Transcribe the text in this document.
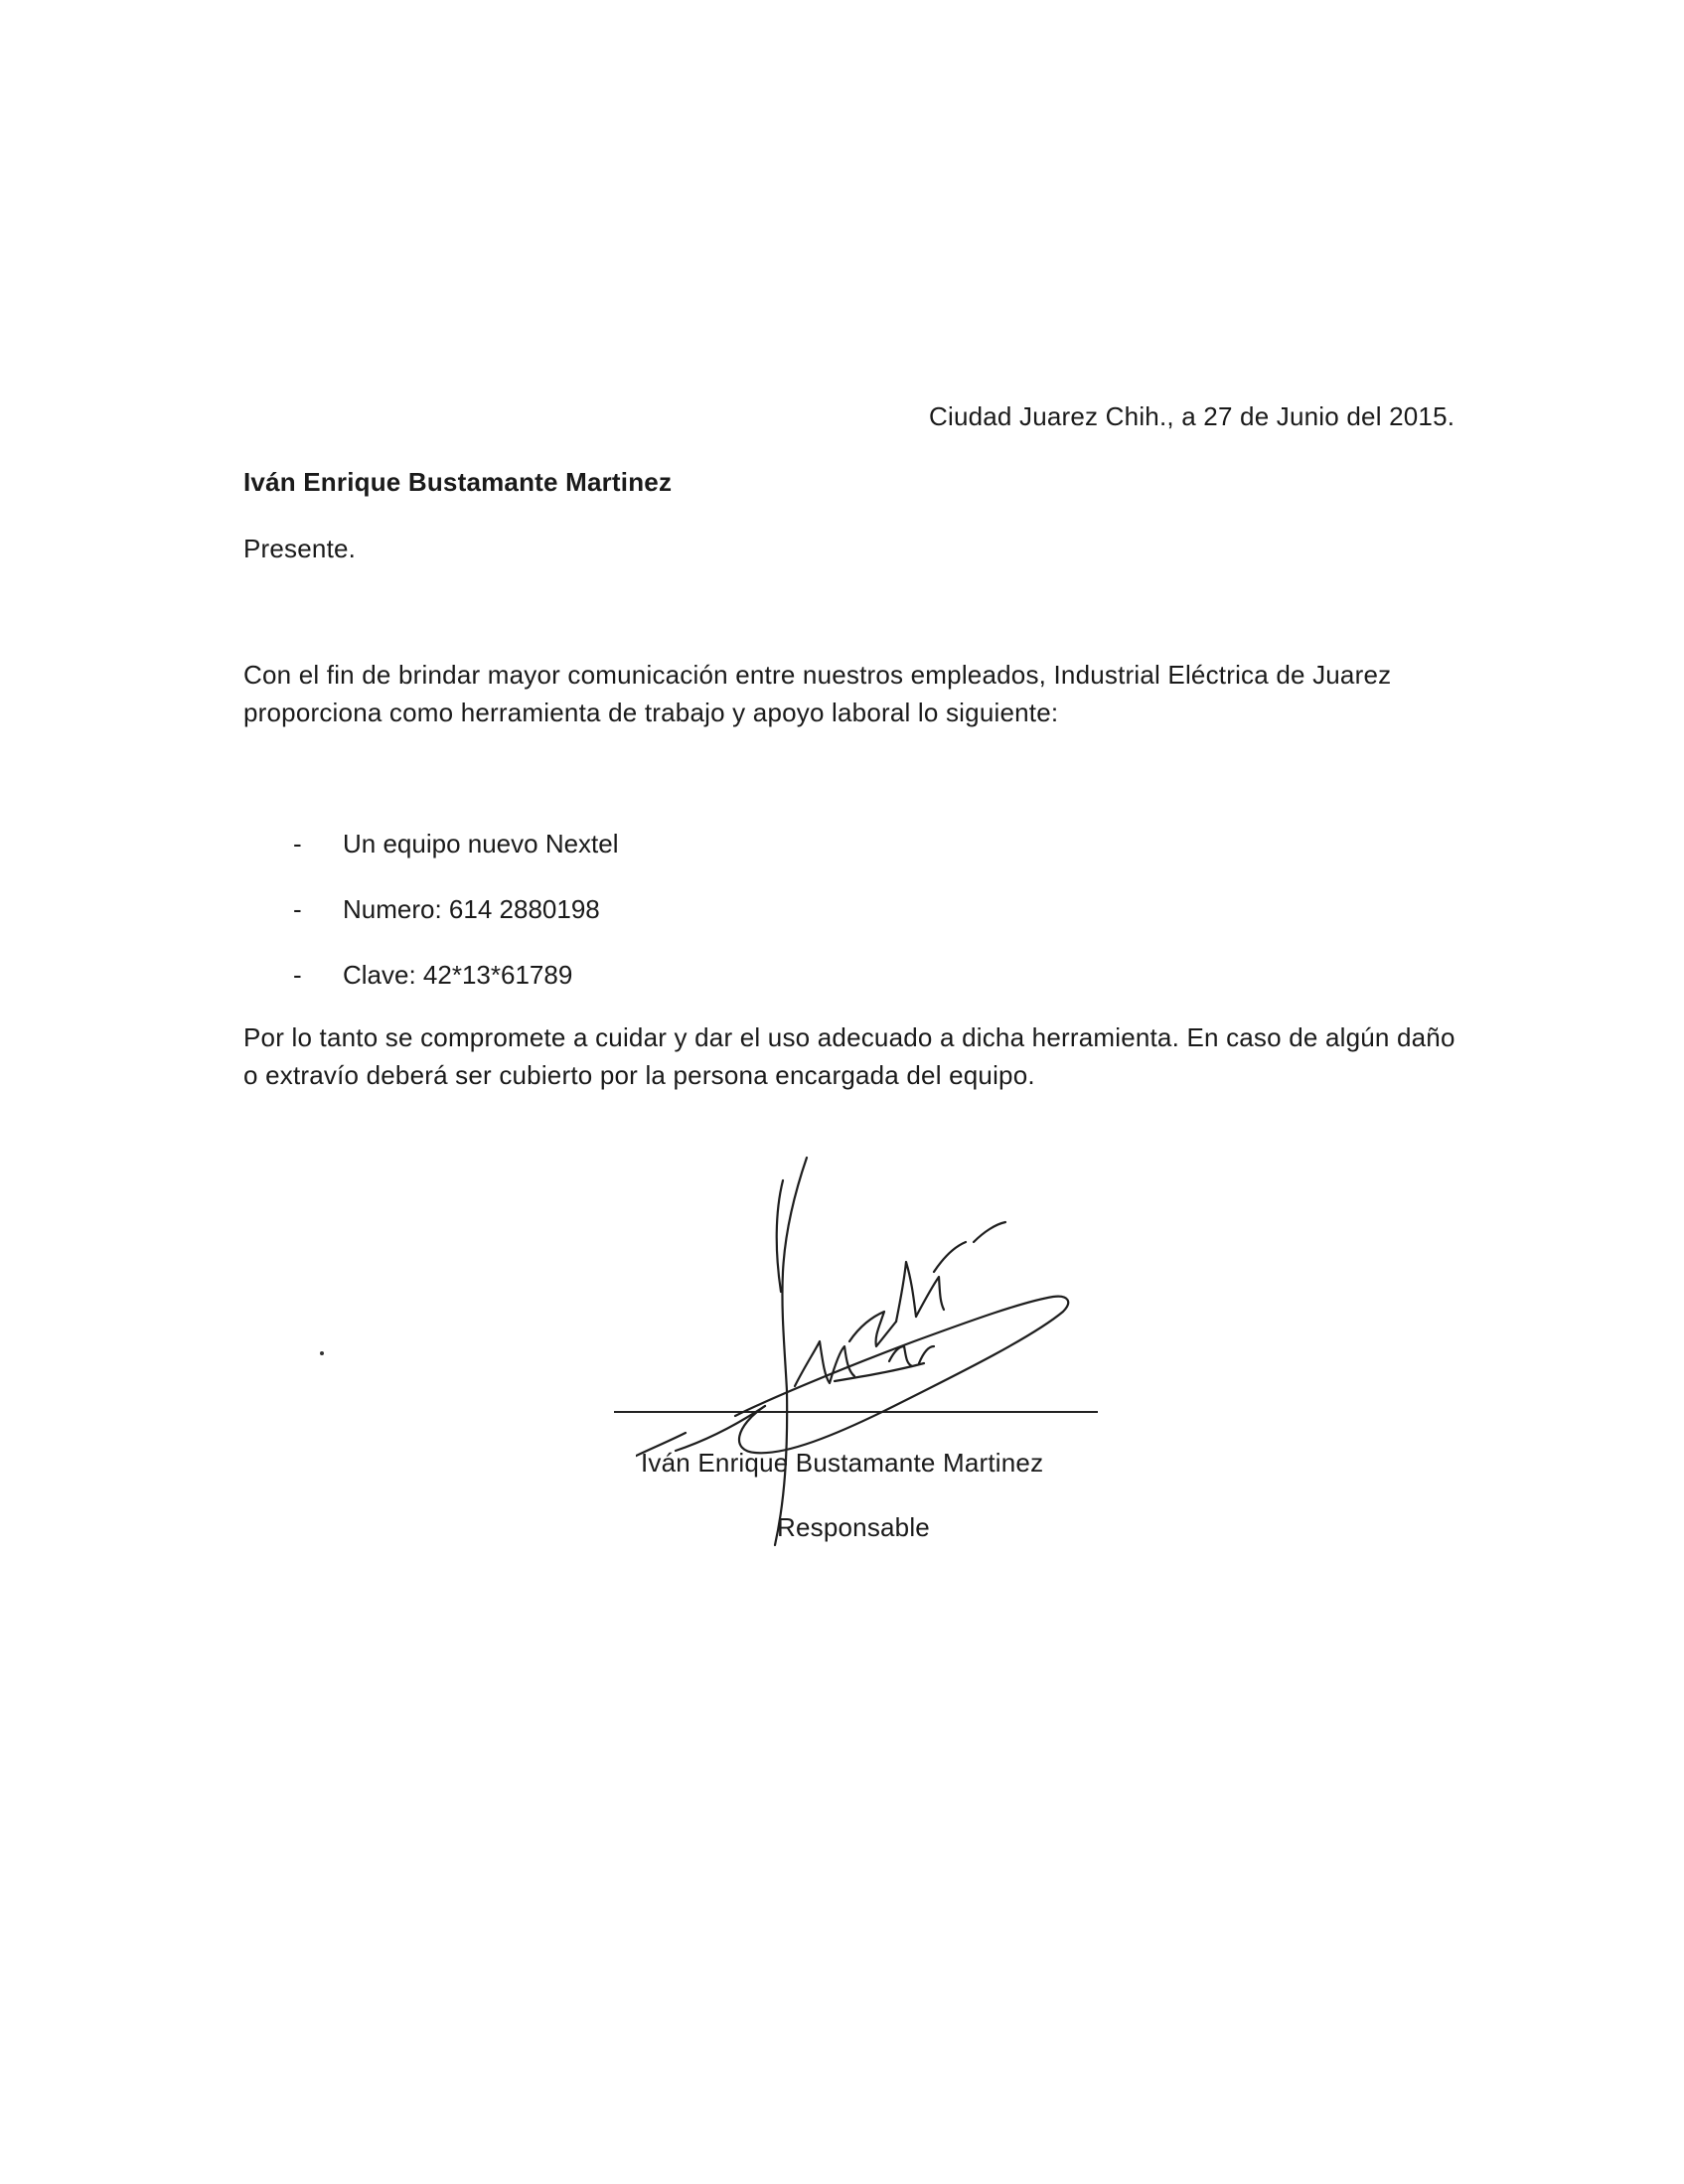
Ciudad Juarez Chih., a 27 de Junio del 2015.
Iván Enrique Bustamante Martinez
Presente.
Con el fin de brindar mayor comunicación entre nuestros empleados, Industrial Eléctrica de Juarez proporciona como herramienta de trabajo y apoyo laboral lo siguiente:
- Un equipo nuevo Nextel
- Numero: 614 2880198
- Clave: 42*13*61789
Por lo tanto se compromete a cuidar y dar el uso adecuado a dicha herramienta. En caso de algún daño o extravío deberá ser cubierto por la persona encargada del equipo.
Iván Enrique Bustamante Martinez
Responsable
